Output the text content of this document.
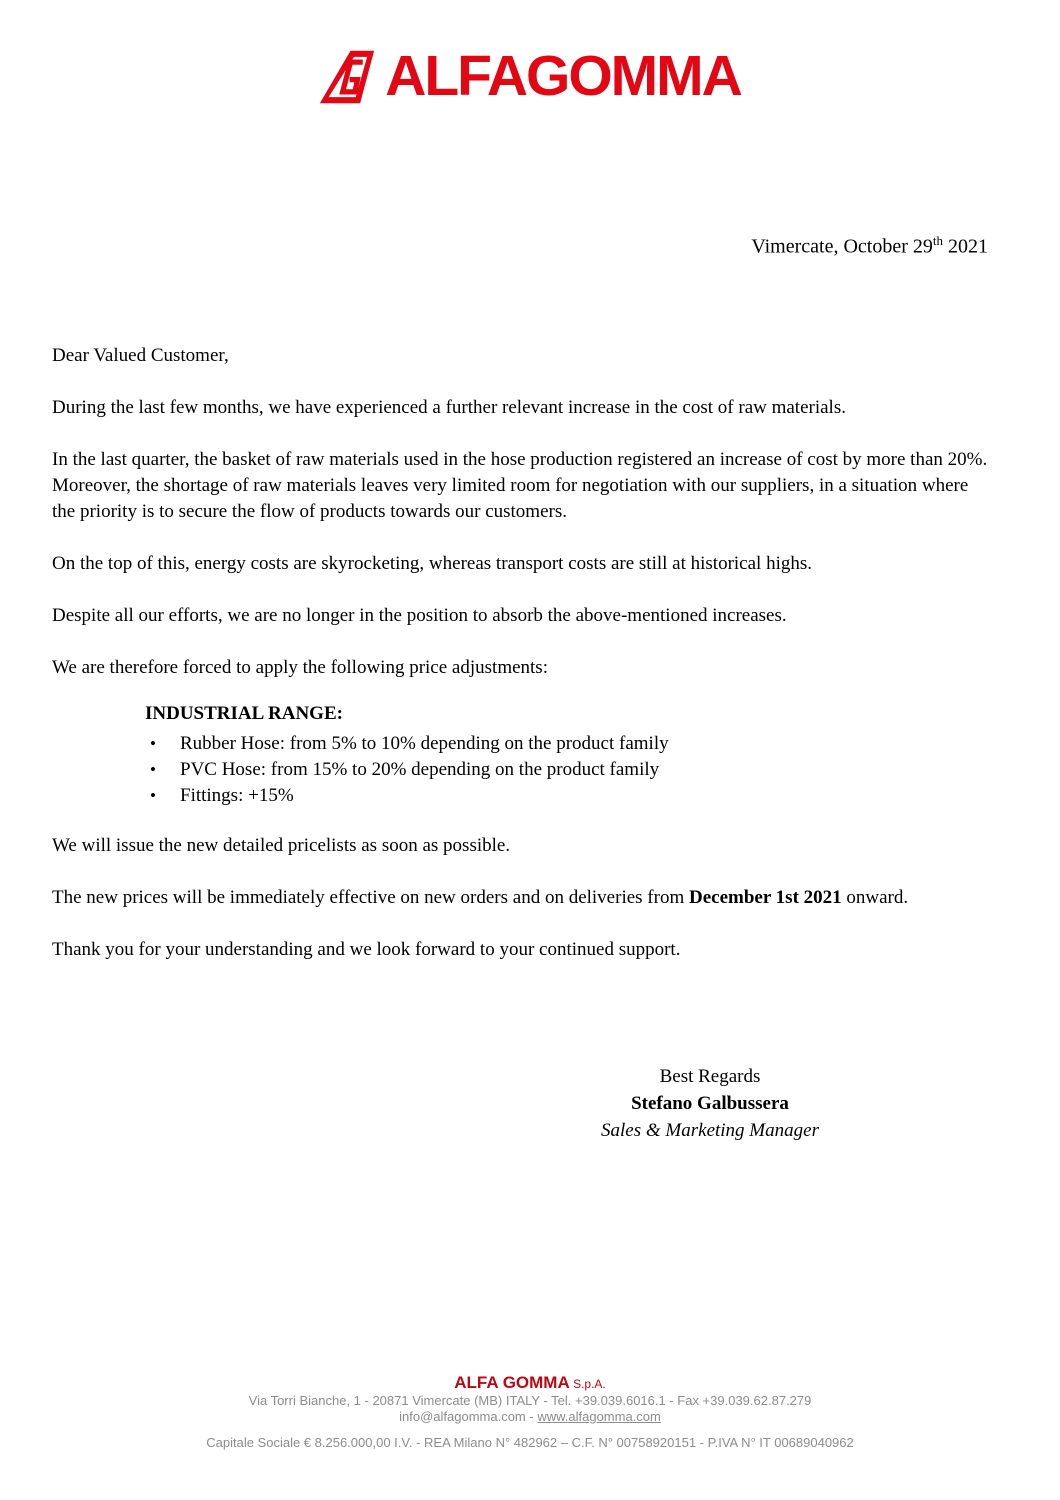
ALFAGOMMA
Vimercate, October 29th 2021

Dear Valued Customer,

During the last few months, we have experienced a further relevant increase in the cost of raw materials.

In the last quarter, the basket of raw materials used in the hose production registered an increase of cost by more than 20%.

Moreover, the shortage of raw materials leaves very limited room for negotiation with our suppliers, in a situation where the priority is to secure the flow of products towards our customers.

On the top of this, energy costs are skyrocketing, whereas transport costs are still at historical highs.

Despite all our efforts, we are no longer in the position to absorb the above-mentioned increases.

We are therefore forced to apply the following price adjustments:

INDUSTRIAL RANGE:
• Rubber Hose: from 5% to 10% depending on the product family
• PVC Hose: from 15% to 20% depending on the product family
• Fittings: +15%

We will issue the new detailed pricelists as soon as possible.

The new prices will be immediately effective on new orders and on deliveries from December 1st 2021 onward.

Thank you for your understanding and we look forward to your continued support.

Best Regards
Stefano Galbussera
Sales & Marketing Manager
ALFA GOMMA S.p.A.
Via Torri Bianche, 1 - 20871 Vimercate (MB) ITALY - Tel. +39.039.6016.1 - Fax +39.039.62.87.279
info@alfagomma.com - www.alfagomma.com
Capitale Sociale € 8.256.000,00 I.V. - REA Milano N° 482962 – C.F. N° 00758920151 - P.IVA N° IT 00689040962
